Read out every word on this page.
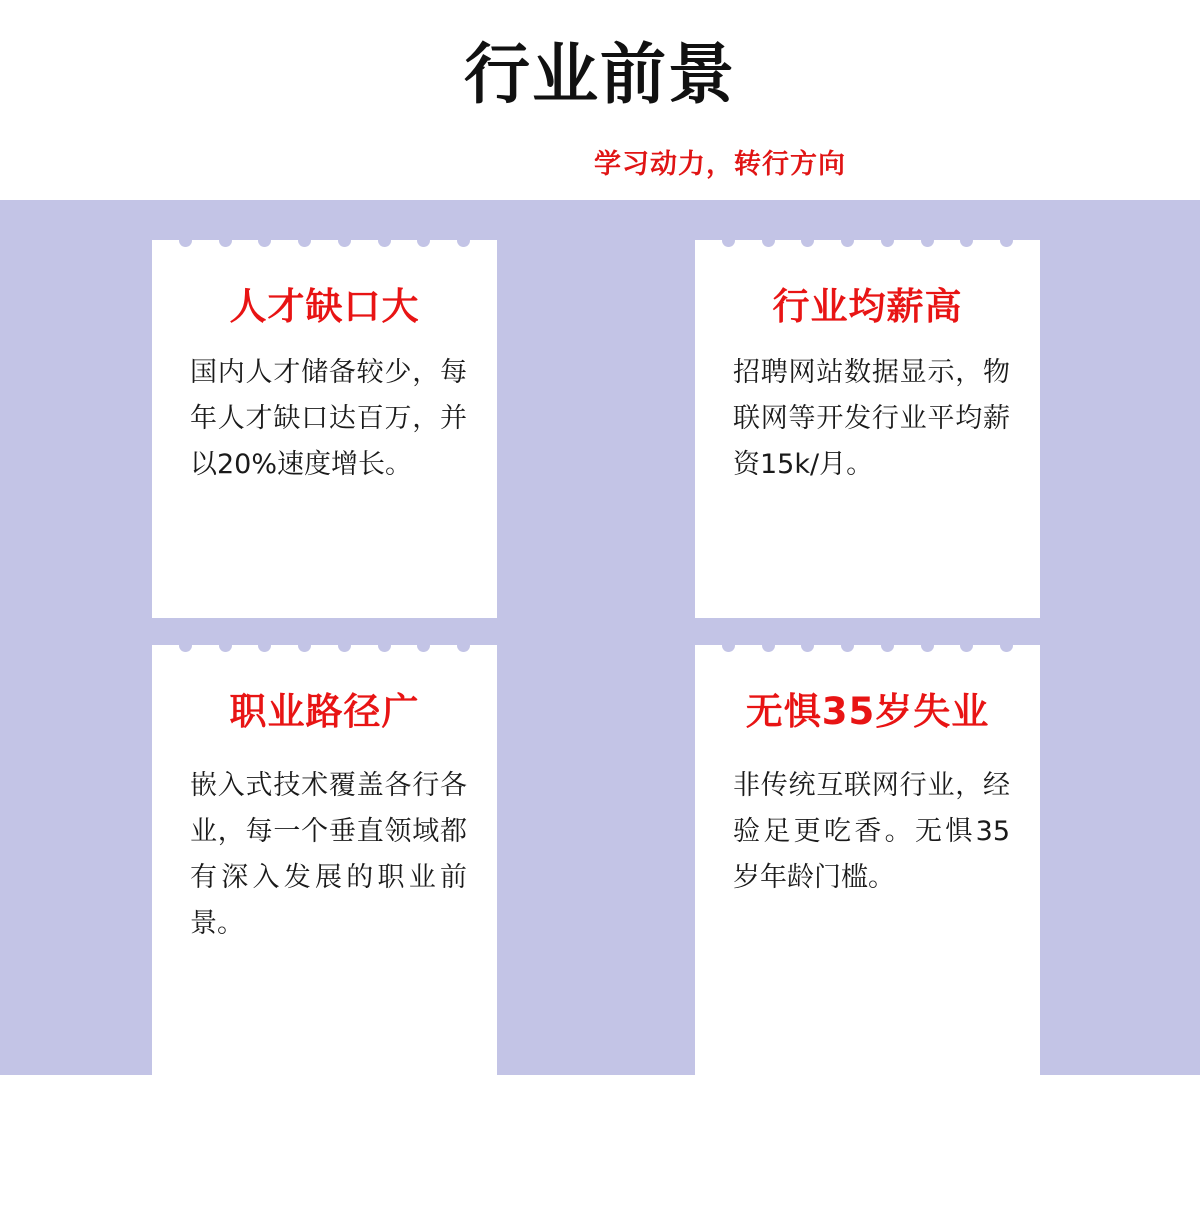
行业前景
学习动力，转行方向
人才缺口大
国内人才储备较少，每年人才缺口达百万，并以20%速度增长。
行业均薪高
招聘网站数据显示，物联网等开发行业平均薪资15k/月。
职业路径广
嵌入式技术覆盖各行各业，每一个垂直领域都有深入发展的职业前景。
无惧35岁失业
非传统互联网行业，经验足更吃香。无惧35岁年龄门槛。
